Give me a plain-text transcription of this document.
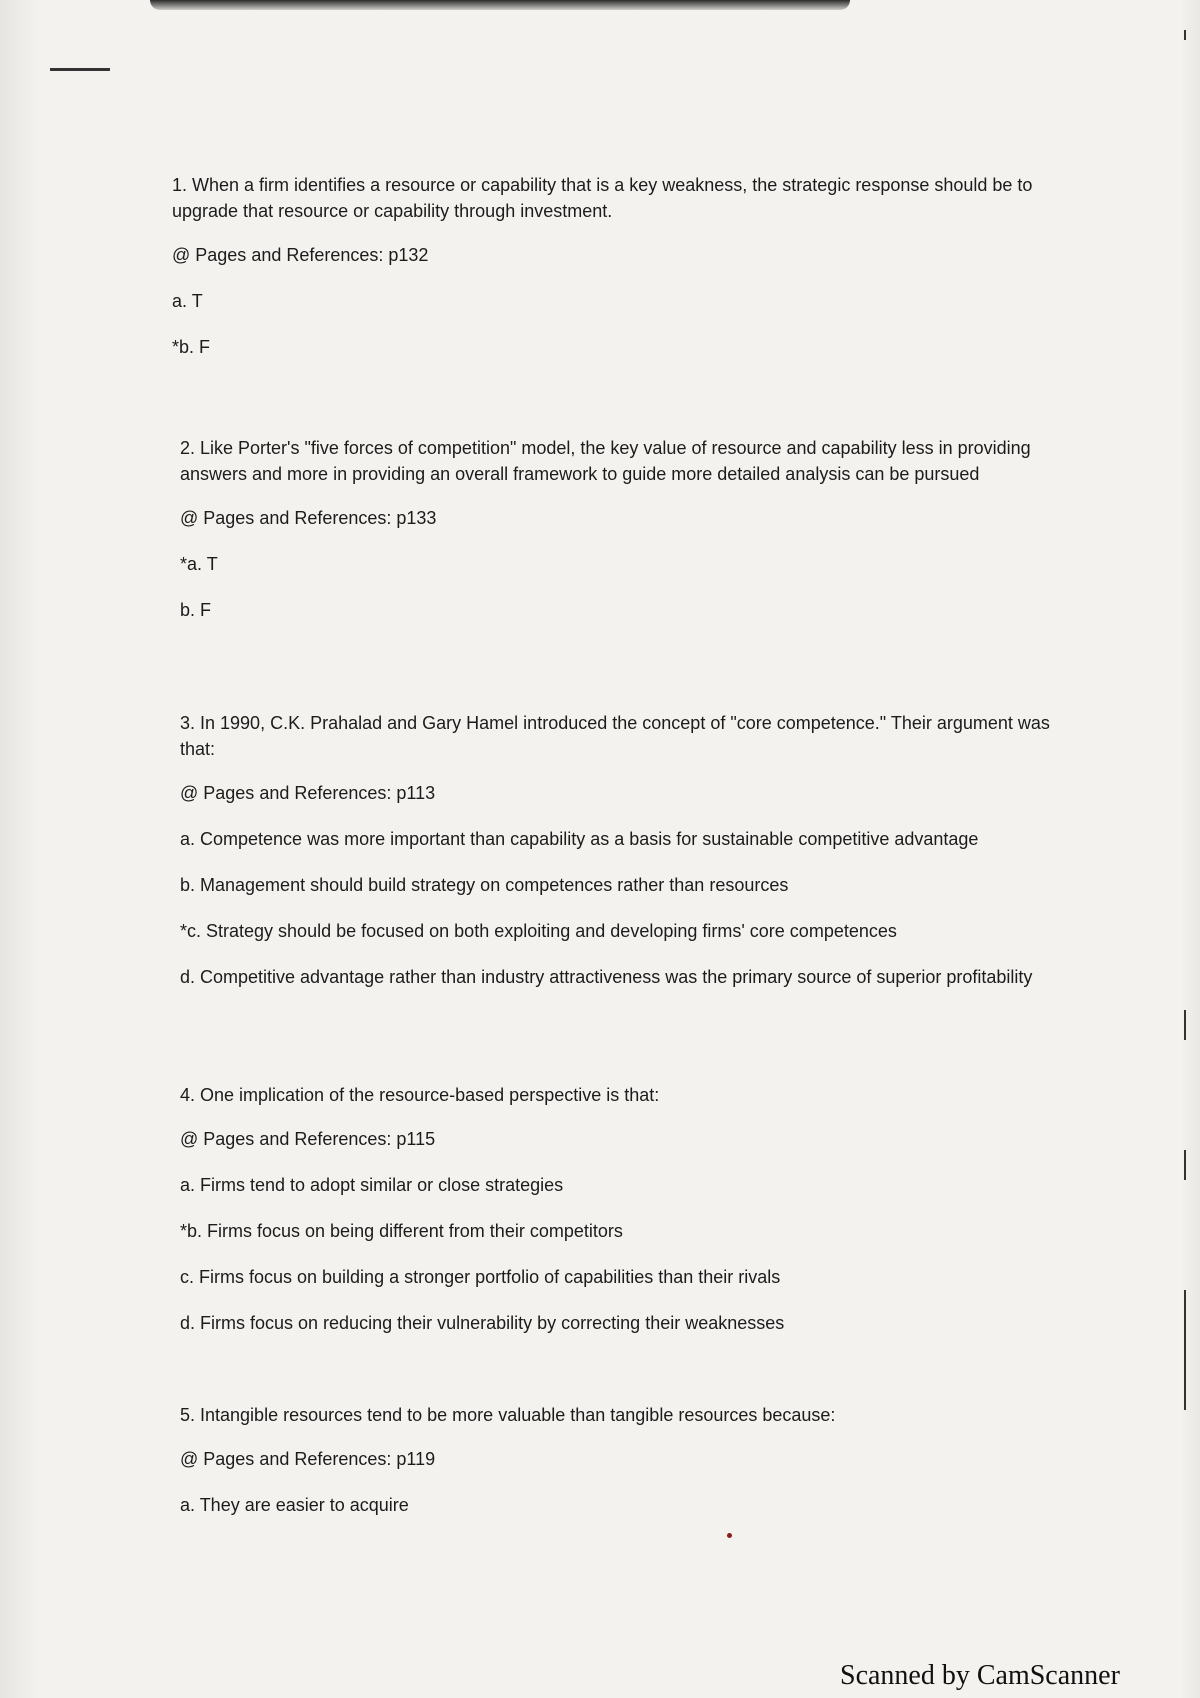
1. When a firm identifies a resource or capability that is a key weakness, the strategic response should be to upgrade that resource or capability through investment.

@ Pages and References: p132

a. T

*b. F

2. Like Porter's "five forces of competition" model, the key value of resource and capability less in providing answers and more in providing an overall framework to guide more detailed analysis can be pursued

@ Pages and References: p133

*a. T

b. F

3. In 1990, C.K. Prahalad and Gary Hamel introduced the concept of "core competence." Their argument was that:

@ Pages and References: p113

a. Competence was more important than capability as a basis for sustainable competitive advantage

b. Management should build strategy on competences rather than resources

*c. Strategy should be focused on both exploiting and developing firms' core competences

d. Competitive advantage rather than industry attractiveness was the primary source of superior profitability

4. One implication of the resource-based perspective is that:

@ Pages and References: p115

a. Firms tend to adopt similar or close strategies

*b. Firms focus on being different from their competitors

c. Firms focus on building a stronger portfolio of capabilities than their rivals

d. Firms focus on reducing their vulnerability by correcting their weaknesses

5. Intangible resources tend to be more valuable than tangible resources because:

@ Pages and References: p119

a. They are easier to acquire

Scanned by CamScanner
